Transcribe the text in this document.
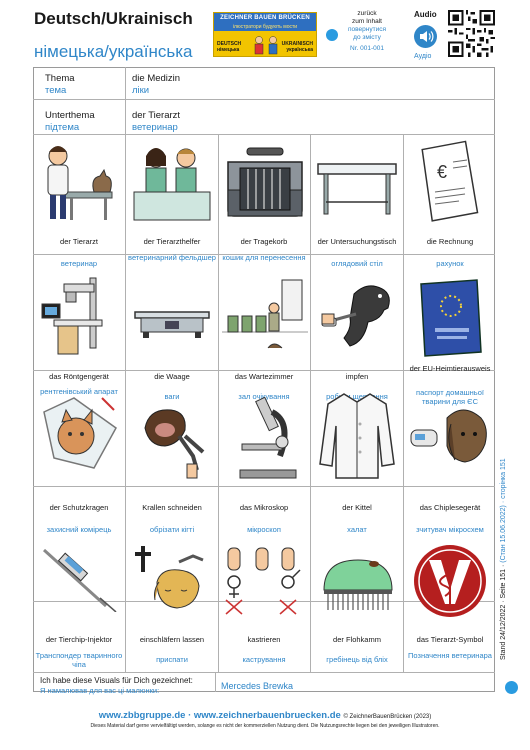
Deutsch/Ukrainisch
німецька/українська
ZEICHNER BAUEN BRÜCKEN
ілюстратори будують мости
DEUTSCH
німецька
UKRAINISCH
українська
zurück
zum Inhalt
повернутися
до змісту
Nr. 001-001
Audio
Аудіо
Thema
тема
die Medizin
ліки
Unterthema
підтема
der Tierarzt
ветеринар
der Tierarzt
ветеринар
der Tierarzthelfer
ветеринарний фельдшер
der Tragekorb
кошик для перенесення
der Untersuchungstisch
оглядовий стіл
€
die Rechnung
рахунок
das Röntgengerät
рентгенівський апарат
die Waage
ваги
das Wartezimmer
зал очікування
impfen
робити щеплення
der EU-Heimtierausweis
паспорт домашньої тварини для ЄС
der Schutzkragen
захисний комірець
Krallen schneiden
обрізати кігті
das Mikroskop
мікроскоп
der Kittel
халат
das Chiplesegerät
зчитувач мікросхем
der Tierchip-Injektor
Транспондер тваринного чіпа
einschläfern lassen
приспати
kastrieren
кастрування
der Flohkamm
гребінець від бліх
das Tierarzt-Symbol
Позначення ветеринара
Ich habe diese Visuals für Dich gezeichnet:
Я намалював для вас ці малюнки:	Mercedes Brewka
www.zbbgruppe.de · www.zeichnerbauenbruecken.de © ZeichnerBauenBrücken (2023)
Dieses Material darf gerne vervielfältigt werden, solange es nicht der kommerziellen Nutzung dient. Die Nutzungsrechte liegen bei den jeweiligen Illustratoren.
Stand 24/12/2022 · Seite 151 · (Стан 15.06.2022) · сторінка 151
